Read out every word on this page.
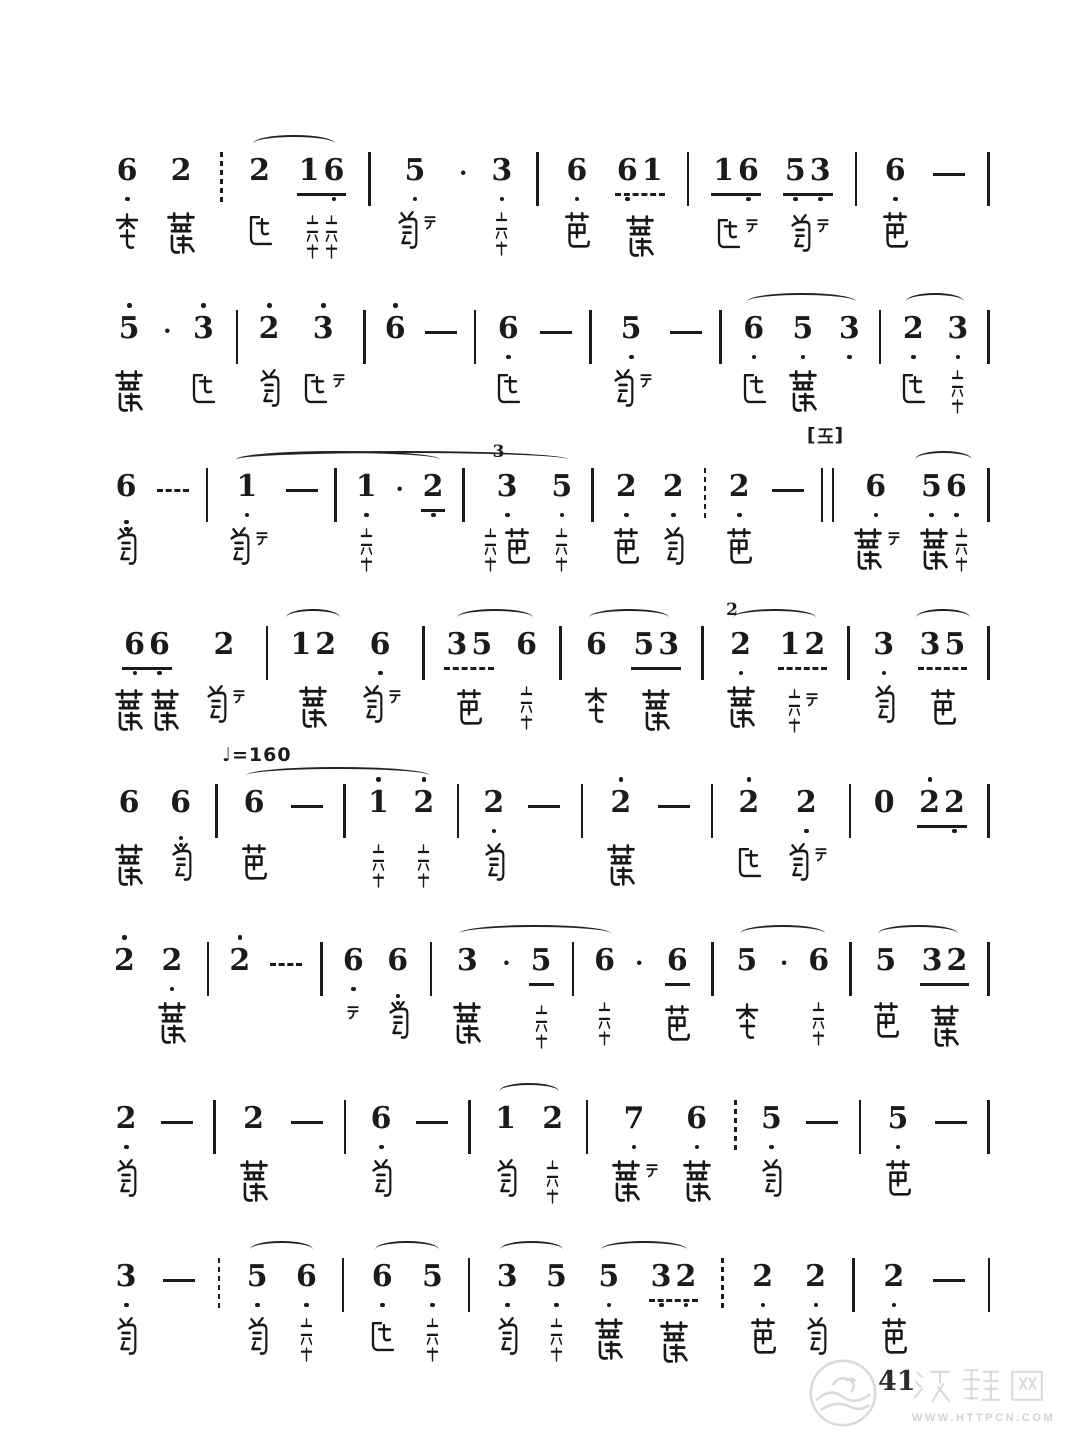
6 2 2 1 6 5 · 3 6 6 1 1 6 5 3 6
5 · 3 2 3 6	6	5	6 5 3 2 3
6	1	1 · 2
3
3 5 2 2 2
[ ]
6 5 6
6 6 2 1 2 6 3 5 6 6 5 3
2
2 1 2 3 3 5
6 6
♩=160
6	1 2 2	2	2 2 0 2 2
2 2 2	6 6 3 · 5 6 · 6 5 · 6 5 3 2
2	2	6	1 2 7 6 5	5
3	5 6 6 5 3 5 5 3 2 2 2 2
41
WWW.HTTPCN.COM
